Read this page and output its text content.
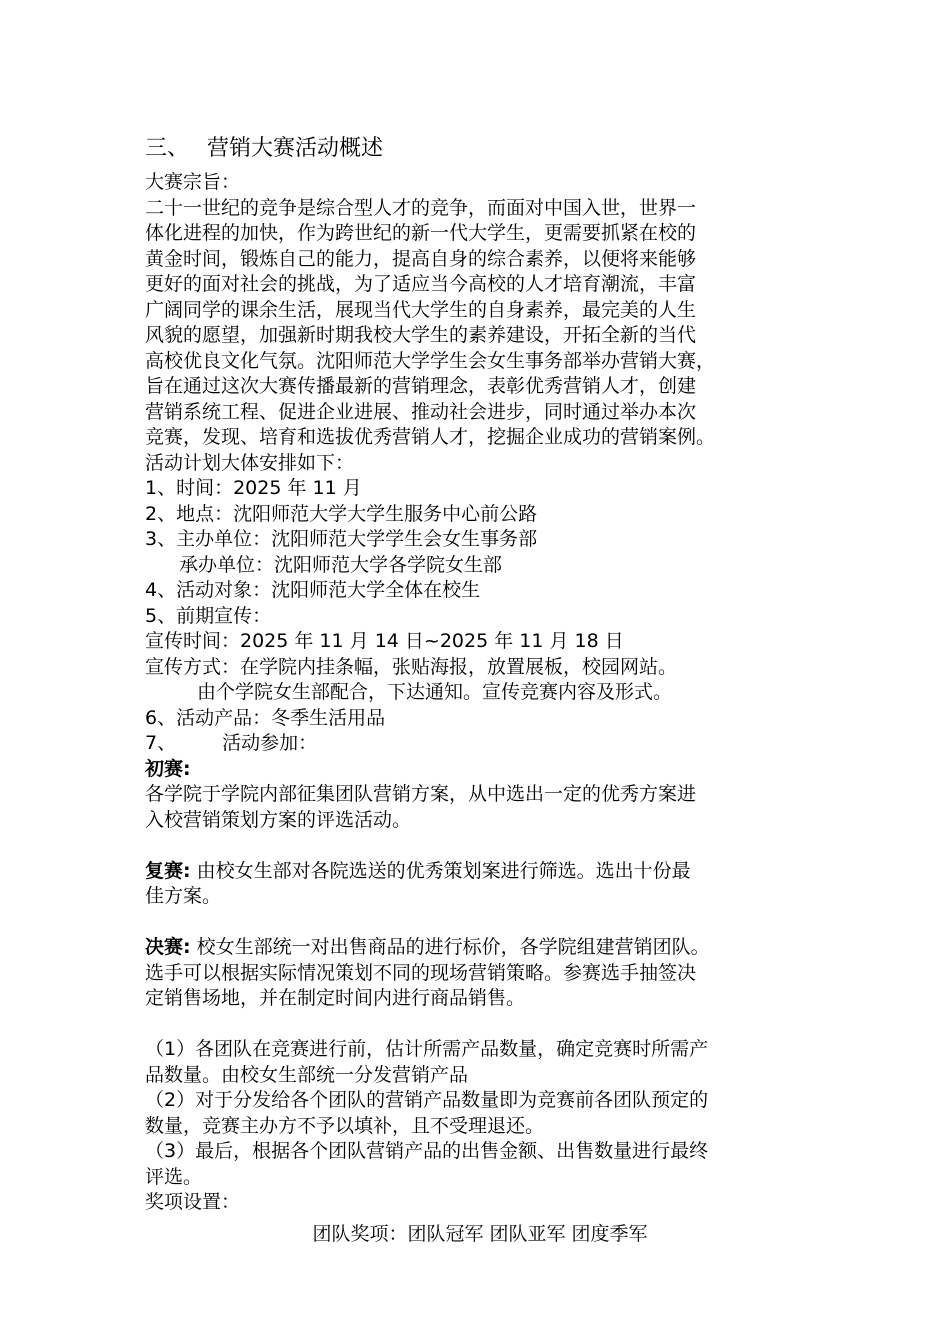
三、 营销大赛活动概述

大赛宗旨：

二十一世纪的竞争是综合型人才的竞争，而面对中国入世，世界一

体化进程的加快，作为跨世纪的新一代大学生，更需要抓紧在校的

黄金时间，锻炼自己的能力，提高自身的综合素养，以便将来能够

更好的面对社会的挑战，为了适应当今高校的人才培育潮流，丰富

广阔同学的课余生活，展现当代大学生的自身素养，最完美的人生

风貌的愿望，加强新时期我校大学生的素养建设，开拓全新的当代

高校优良文化气氛。沈阳师范大学学生会女生事务部举办营销大赛，

旨在通过这次大赛传播最新的营销理念，表彰优秀营销人才，创建

营销系统工程、促进企业进展、推动社会进步，同时通过举办本次

竞赛，发现、培育和选拔优秀营销人才，挖掘企业成功的营销案例。

活动计划大体安排如下：

1、时间：2025 年 11 月

2、地点：沈阳师范大学大学生服务中心前公路

3、主办单位：沈阳师范大学学生会女生事务部

承办单位：沈阳师范大学各学院女生部

4、活动对象：沈阳师范大学全体在校生

5、前期宣传：

宣传时间：2025 年 11 月 14 日~2025 年 11 月 18 日

宣传方式：在学院内挂条幅，张贴海报，放置展板，校园网站。

由个学院女生部配合，下达通知。宣传竞赛内容及形式。

6、活动产品：冬季生活用品

7、 活动参加：

初赛:

各学院于学院内部征集团队营销方案，从中选出一定的优秀方案进

入校营销策划方案的评选活动。

复赛: 由校女生部对各院选送的优秀策划案进行筛选。选出十份最

佳方案。

决赛: 校女生部统一对出售商品的进行标价，各学院组建营销团队。

选手可以根据实际情况策划不同的现场营销策略。参赛选手抽签决

定销售场地，并在制定时间内进行商品销售。

（1）各团队在竞赛进行前，估计所需产品数量，确定竞赛时所需产

品数量。由校女生部统一分发营销产品

（2）对于分发给各个团队的营销产品数量即为竞赛前各团队预定的

数量，竞赛主办方不予以填补，且不受理退还。

（3）最后，根据各个团队营销产品的出售金额、出售数量进行最终

评选。

奖项设置：

团队奖项：团队冠军 团队亚军 团度季军
